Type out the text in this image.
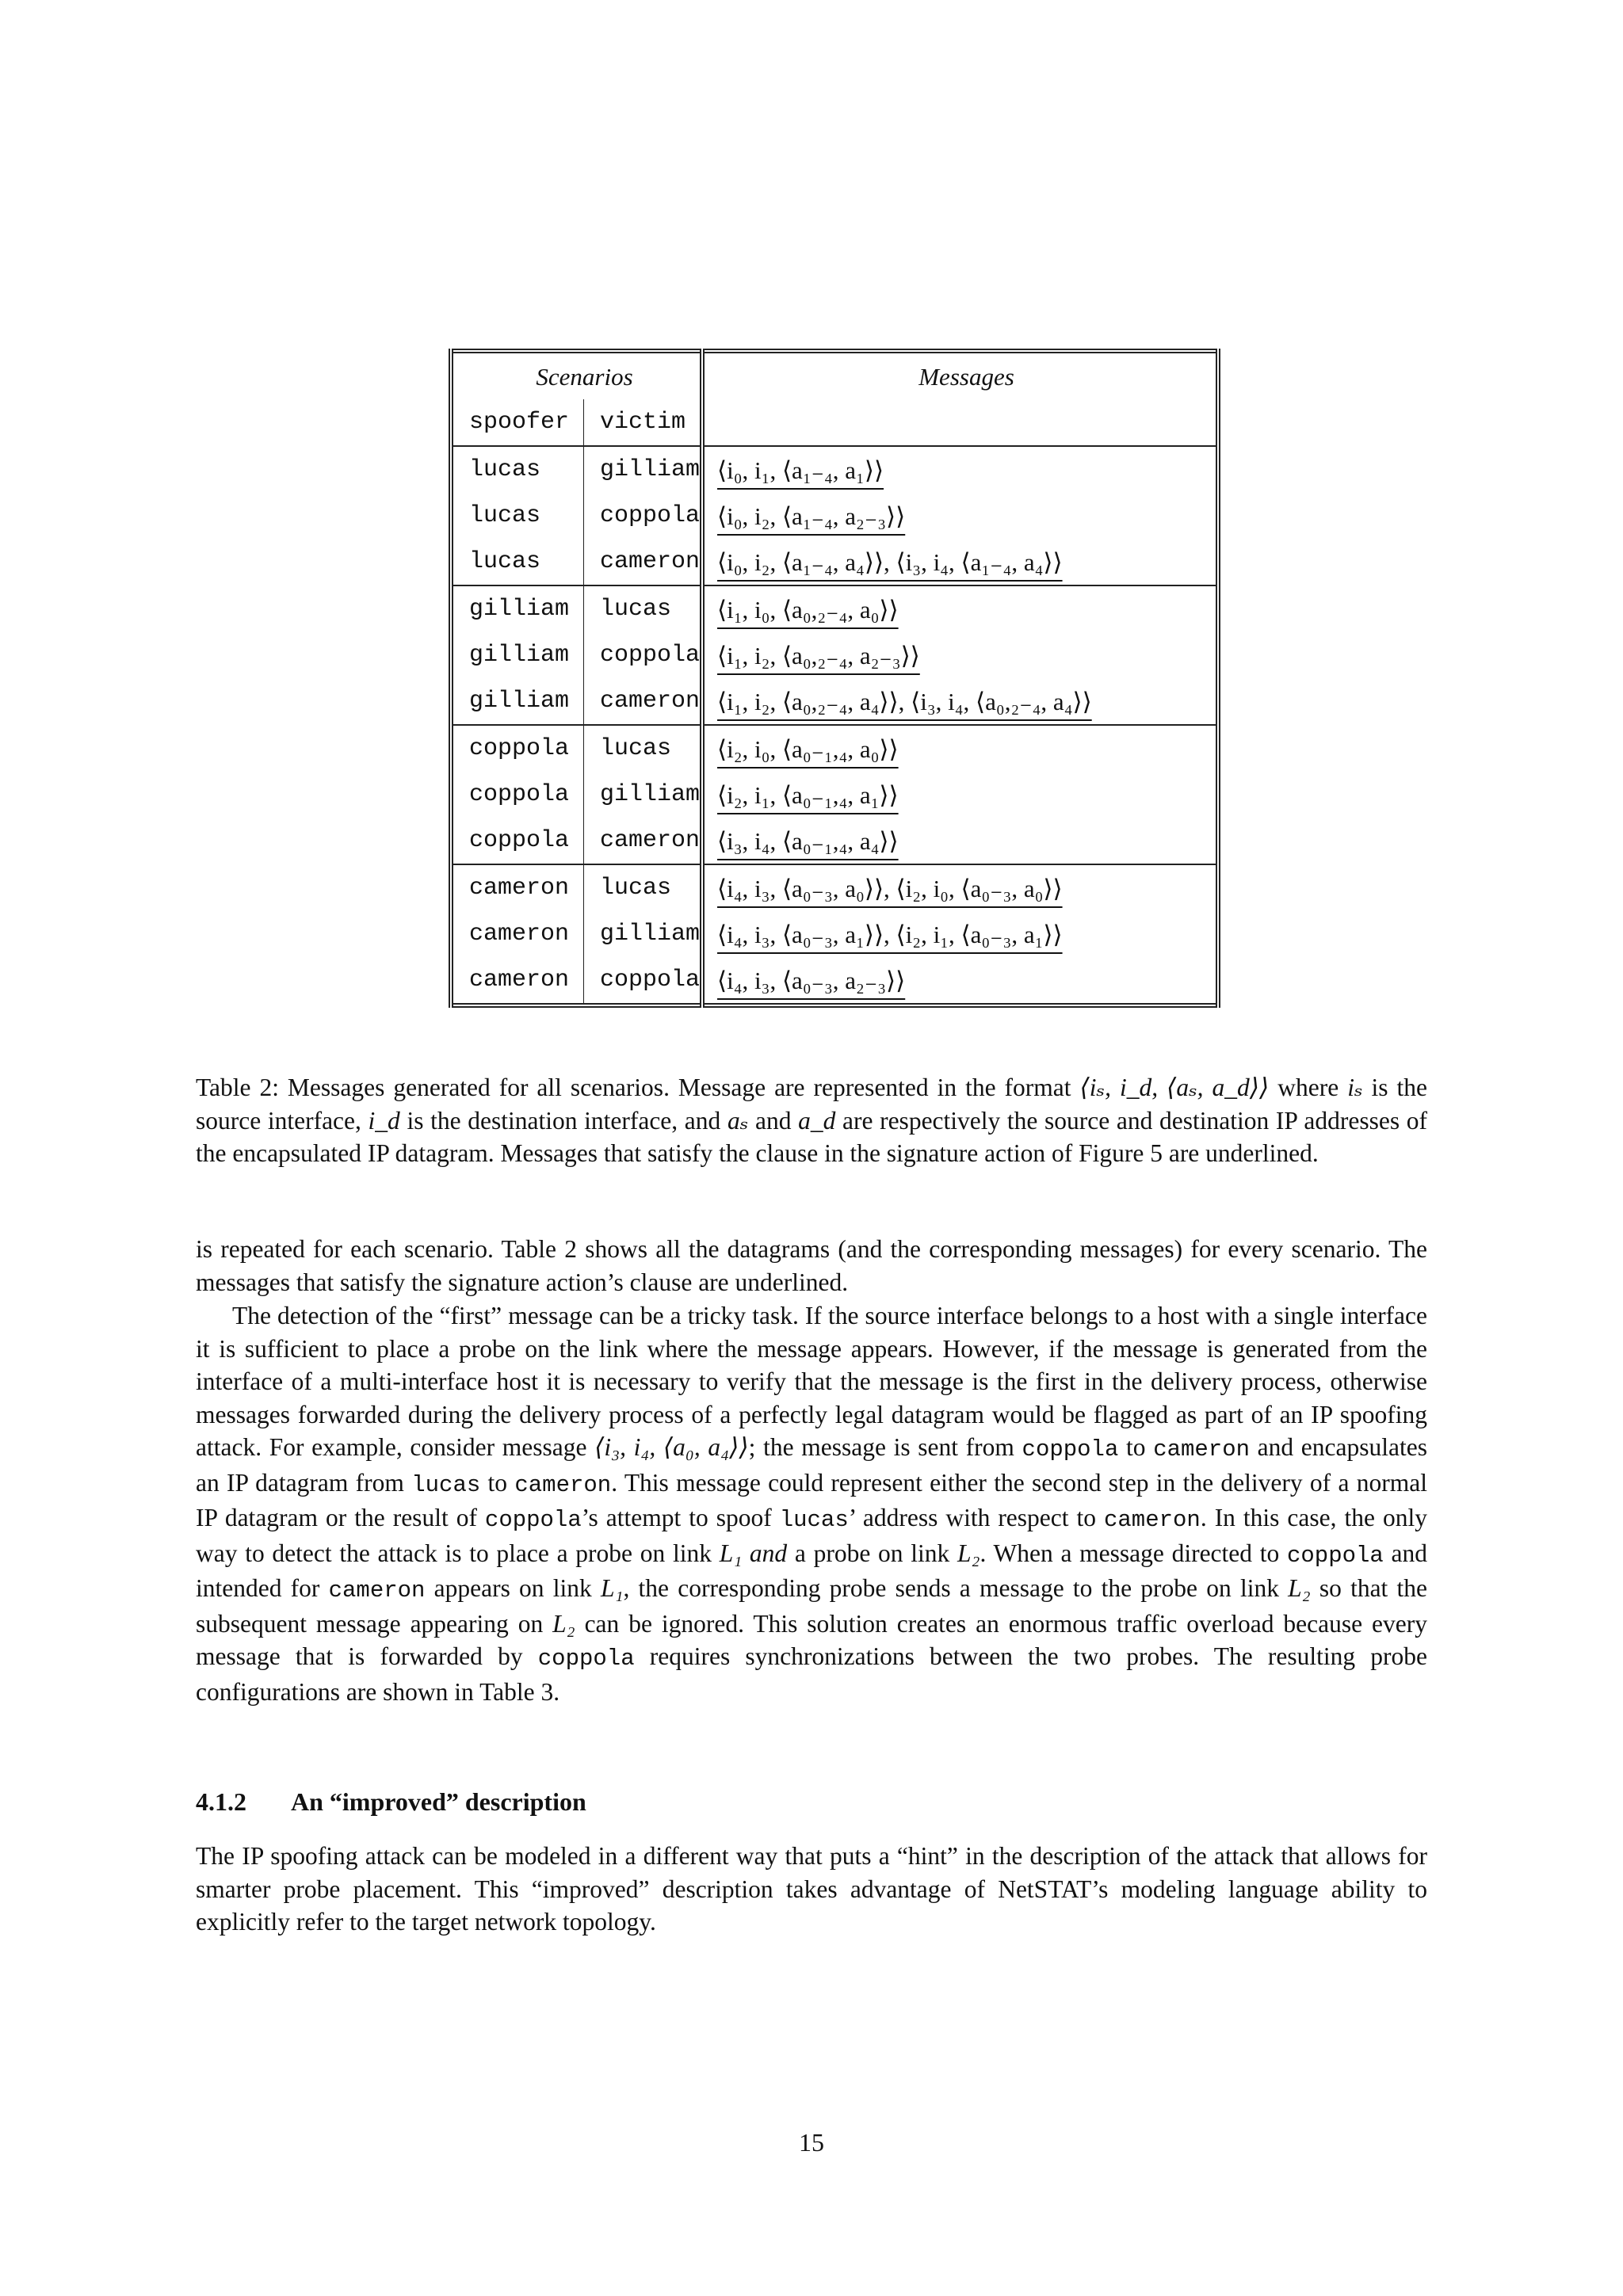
Scenarios		Messages
spoofer	victim	
lucas	gilliam	⟨i₀, i₁, ⟨a₁₋₄, a₁⟩⟩
lucas	coppola	⟨i₀, i₂, ⟨a₁₋₄, a₂₋₃⟩⟩
lucas	cameron	⟨i₀, i₂, ⟨a₁₋₄, a₄⟩⟩, ⟨i₃, i₄, ⟨a₁₋₄, a₄⟩⟩
gilliam	lucas	⟨i₁, i₀, ⟨a₀,₂₋₄, a₀⟩⟩
gilliam	coppola	⟨i₁, i₂, ⟨a₀,₂₋₄, a₂₋₃⟩⟩
gilliam	cameron	⟨i₁, i₂, ⟨a₀,₂₋₄, a₄⟩⟩, ⟨i₃, i₄, ⟨a₀,₂₋₄, a₄⟩⟩
coppola	lucas	⟨i₂, i₀, ⟨a₀₋₁,₄, a₀⟩⟩
coppola	gilliam	⟨i₂, i₁, ⟨a₀₋₁,₄, a₁⟩⟩
coppola	cameron	⟨i₃, i₄, ⟨a₀₋₁,₄, a₄⟩⟩
cameron	lucas	⟨i₄, i₃, ⟨a₀₋₃, a₀⟩⟩, ⟨i₂, i₀, ⟨a₀₋₃, a₀⟩⟩
cameron	gilliam	⟨i₄, i₃, ⟨a₀₋₃, a₁⟩⟩, ⟨i₂, i₁, ⟨a₀₋₃, a₁⟩⟩
cameron	coppola	⟨i₄, i₃, ⟨a₀₋₃, a₂₋₃⟩⟩

Table 2: Messages generated for all scenarios. Message are represented in the format ⟨iₛ, i_d, ⟨aₛ, a_d⟩⟩ where iₛ is the source interface, i_d is the destination interface, and aₛ and a_d are respectively the source and destination IP addresses of the encapsulated IP datagram. Messages that satisfy the clause in the signature action of Figure 5 are underlined.

is repeated for each scenario. Table 2 shows all the datagrams (and the corresponding messages) for every scenario. The messages that satisfy the signature action’s clause are underlined.

The detection of the “first” message can be a tricky task. If the source interface belongs to a host with a single interface it is sufficient to place a probe on the link where the message appears. However, if the message is generated from the interface of a multi-interface host it is necessary to verify that the message is the first in the delivery process, otherwise messages forwarded during the delivery process of a perfectly legal datagram would be flagged as part of an IP spoofing attack. For example, consider message ⟨i₃, i₄, ⟨a₀, a₄⟩⟩; the message is sent from coppola to cameron and encapsulates an IP datagram from lucas to cameron. This message could represent either the second step in the delivery of a normal IP datagram or the result of coppola’s attempt to spoof lucas’ address with respect to cameron. In this case, the only way to detect the attack is to place a probe on link L₁ and a probe on link L₂. When a message directed to coppola and intended for cameron appears on link L₁, the corresponding probe sends a message to the probe on link L₂ so that the subsequent message appearing on L₂ can be ignored. This solution creates an enormous traffic overload because every message that is forwarded by coppola requires synchronizations between the two probes. The resulting probe configurations are shown in Table 3.

4.1.2 An “improved” description

The IP spoofing attack can be modeled in a different way that puts a “hint” in the description of the attack that allows for smarter probe placement. This “improved” description takes advantage of NetSTAT’s modeling language ability to explicitly refer to the target network topology.

15
